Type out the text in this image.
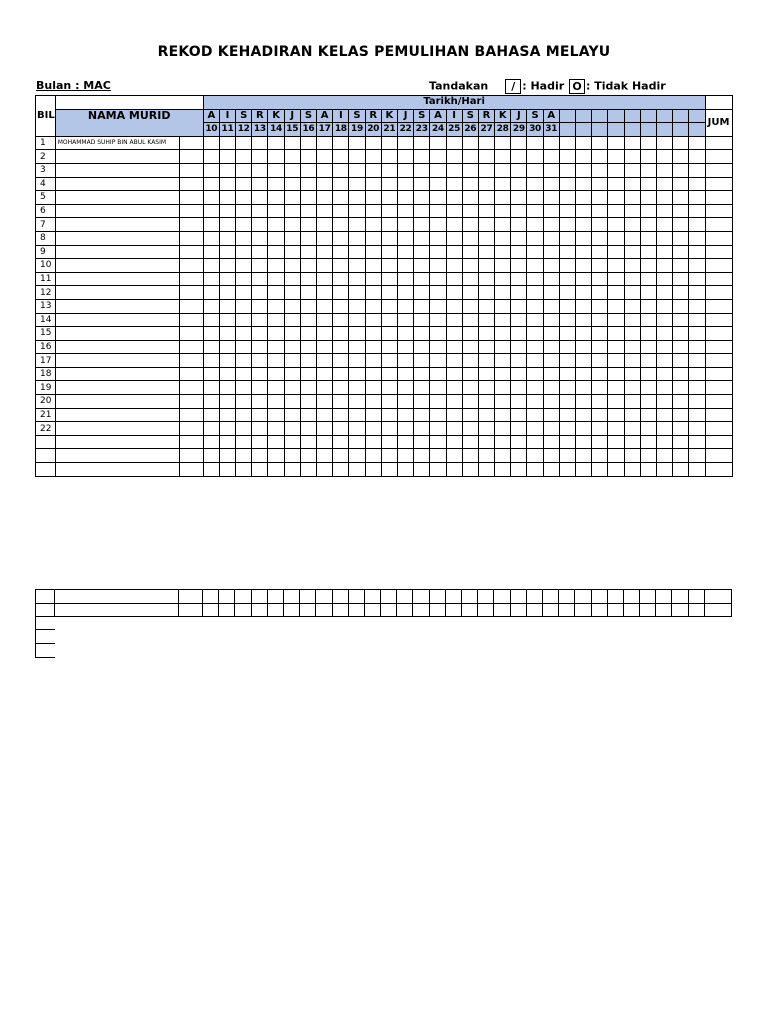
REKOD KEHADIRAN KELAS PEMULIHAN BAHASA MELAYU
Bulan : MAC	Tandakan / : Hadir O : Tidak Hadir
BIL			Tarikh/Hari																															
	NAMA MURID		A	I	S	R	K	J	S	A	I	S	R	K	J	S	A	I	S	R	K	J	S	A										JUM
			10	11	12	13	14	15	16	17	18	19	20	21	22	23	24	25	26	27	28	29	30	31										
1	MOHAMMAD SUHIP BIN ABUL KASIM																																	
2																																		
3																																		
4																																		
5																																		
6																																		
7																																		
8																																		
9																																		
10																																		
11																																		
12																																		
13																																		
14																																		
15																																		
16																																		
17																																		
18																																		
19																																		
20																																		
21																																		
22																																		
